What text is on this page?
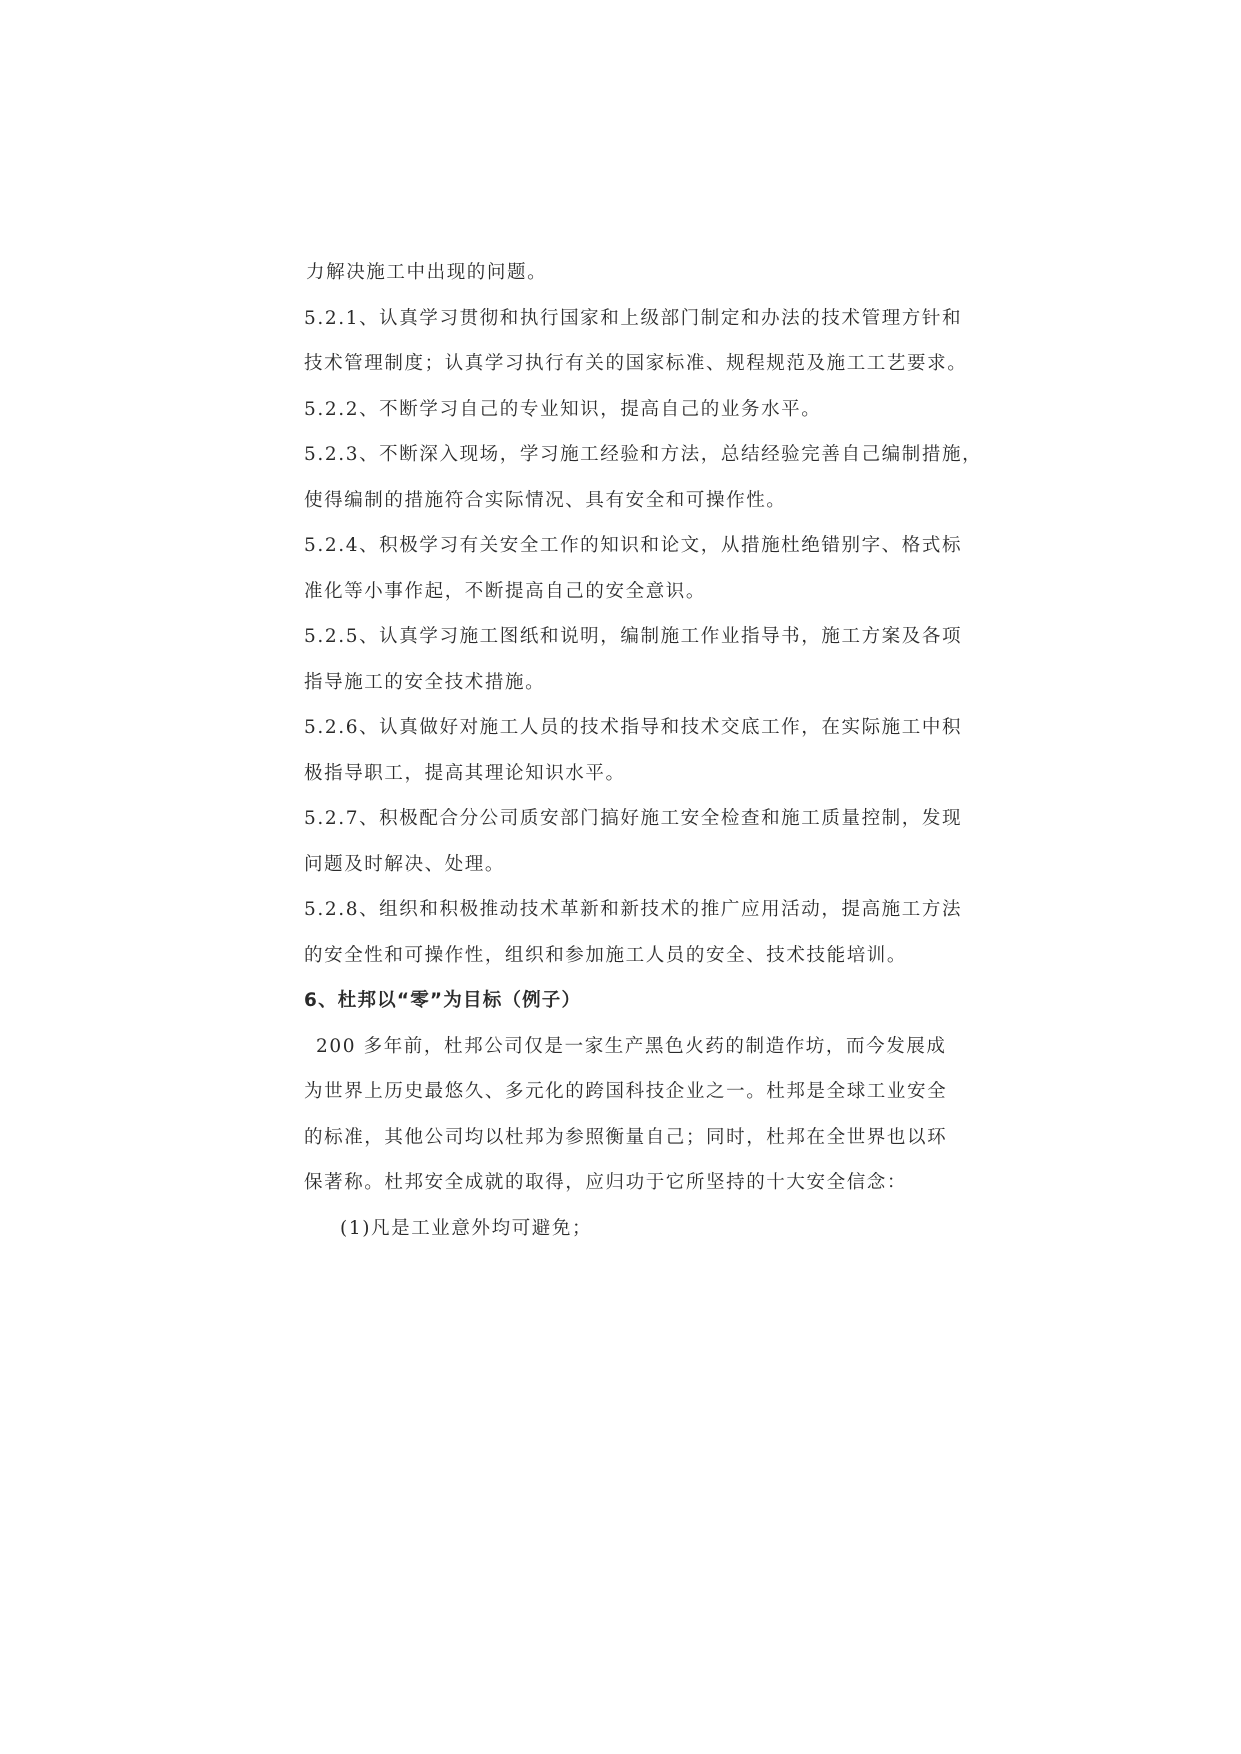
力解决施工中出现的问题。
5.2.1、认真学习贯彻和执行国家和上级部门制定和办法的技术管理方针和
技术管理制度；认真学习执行有关的国家标准、规程规范及施工工艺要求。
5.2.2、不断学习自己的专业知识，提高自己的业务水平。
5.2.3、不断深入现场，学习施工经验和方法，总结经验完善自己编制措施，
使得编制的措施符合实际情况、具有安全和可操作性。
5.2.4、积极学习有关安全工作的知识和论文，从措施杜绝错别字、格式标
准化等小事作起，不断提高自己的安全意识。
5.2.5、认真学习施工图纸和说明，编制施工作业指导书，施工方案及各项
指导施工的安全技术措施。
5.2.6、认真做好对施工人员的技术指导和技术交底工作，在实际施工中积
极指导职工，提高其理论知识水平。
5.2.7、积极配合分公司质安部门搞好施工安全检查和施工质量控制，发现
问题及时解决、处理。
5.2.8、组织和积极推动技术革新和新技术的推广应用活动，提高施工方法
的安全性和可操作性，组织和参加施工人员的安全、技术技能培训。
6、杜邦以“零”为目标（例子）
200 多年前，杜邦公司仅是一家生产黑色火药的制造作坊，而今发展成
为世界上历史最悠久、多元化的跨国科技企业之一。杜邦是全球工业安全
的标准，其他公司均以杜邦为参照衡量自己；同时，杜邦在全世界也以环
保著称。杜邦安全成就的取得，应归功于它所坚持的十大安全信念：
(1)凡是工业意外均可避免；
